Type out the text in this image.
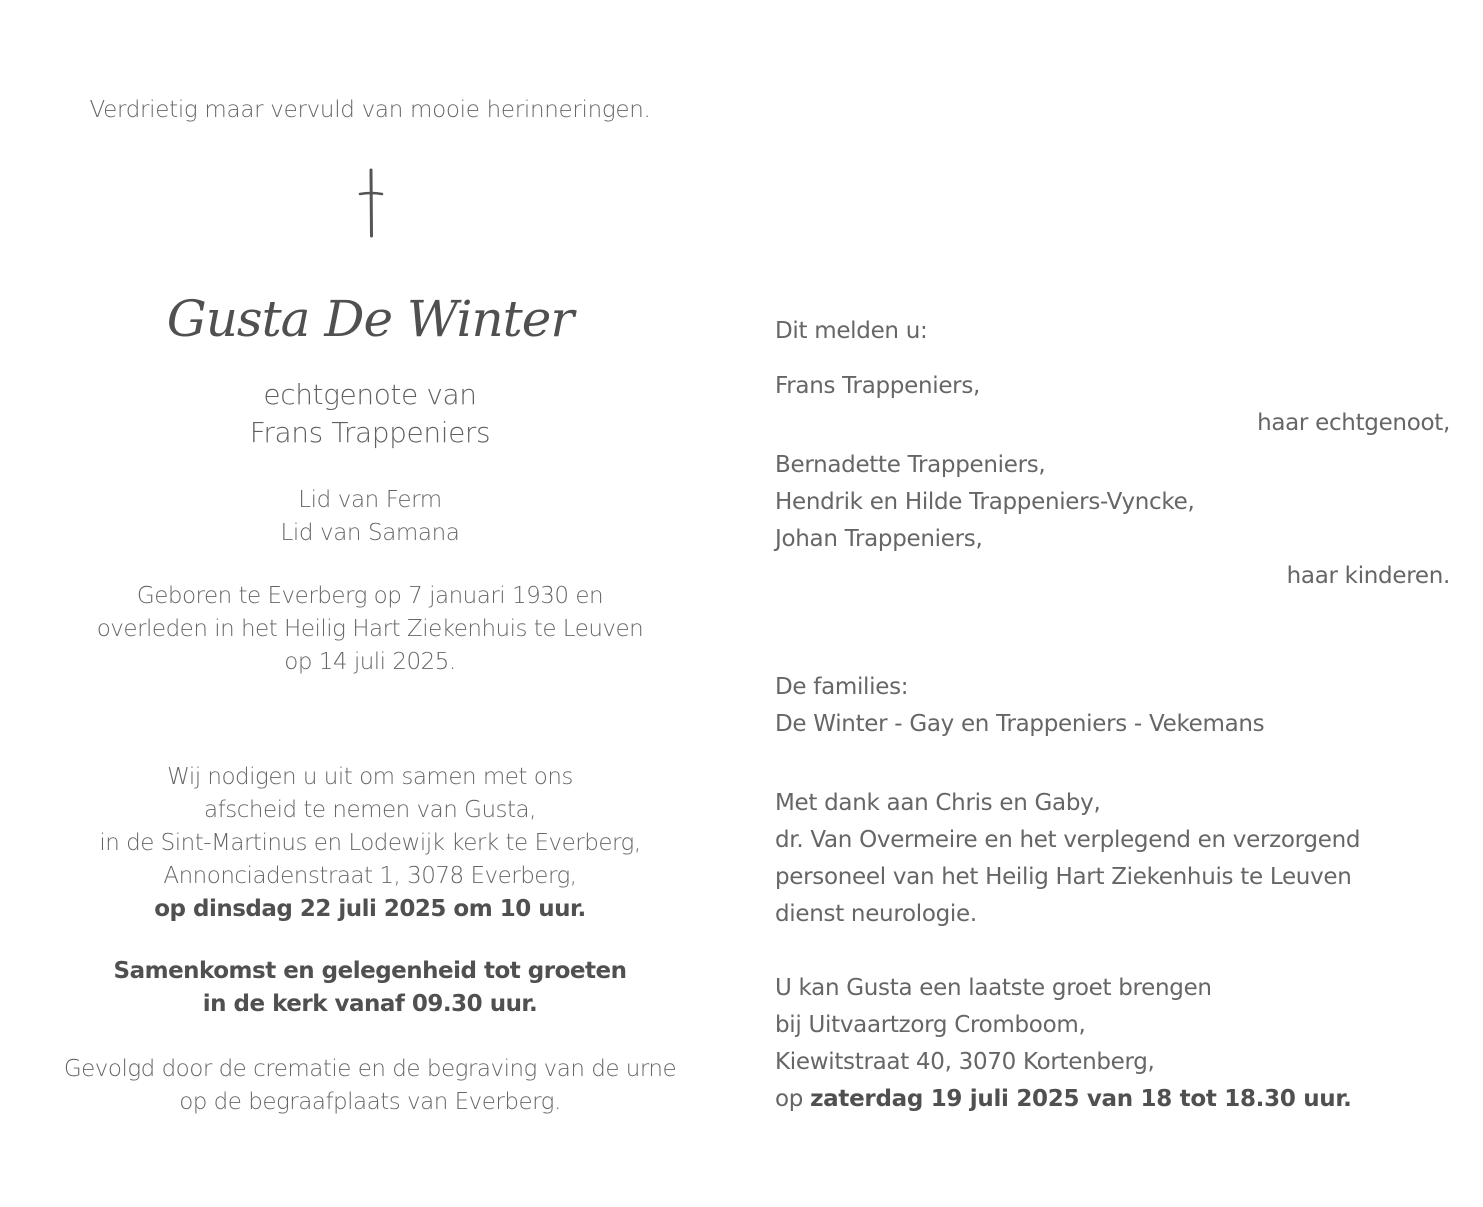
Verdrietig maar vervuld van mooie herinneringen.
Gusta De Winter
echtgenote van
Frans Trappeniers
Lid van Ferm
Lid van Samana
Geboren te Everberg op 7 januari 1930 en
overleden in het Heilig Hart Ziekenhuis te Leuven
op 14 juli 2025.
Wij nodigen u uit om samen met ons
afscheid te nemen van Gusta,
in de Sint-Martinus en Lodewijk kerk te Everberg,
Annonciadenstraat 1, 3078 Everberg,
op dinsdag 22 juli 2025 om 10 uur.
Samenkomst en gelegenheid tot groeten
in de kerk vanaf 09.30 uur.
Gevolgd door de crematie en de begraving van de urne
op de begraafplaats van Everberg.
Dit melden u:
Frans Trappeniers,
haar echtgenoot,
Bernadette Trappeniers,
Hendrik en Hilde Trappeniers-Vyncke,
Johan Trappeniers,
haar kinderen.
De families:
De Winter - Gay en Trappeniers - Vekemans
Met dank aan Chris en Gaby,
dr. Van Overmeire en het verplegend en verzorgend
personeel van het Heilig Hart Ziekenhuis te Leuven
dienst neurologie.
U kan Gusta een laatste groet brengen
bij Uitvaartzorg Cromboom,
Kiewitstraat 40, 3070 Kortenberg,
op zaterdag 19 juli 2025 van 18 tot 18.30 uur.
